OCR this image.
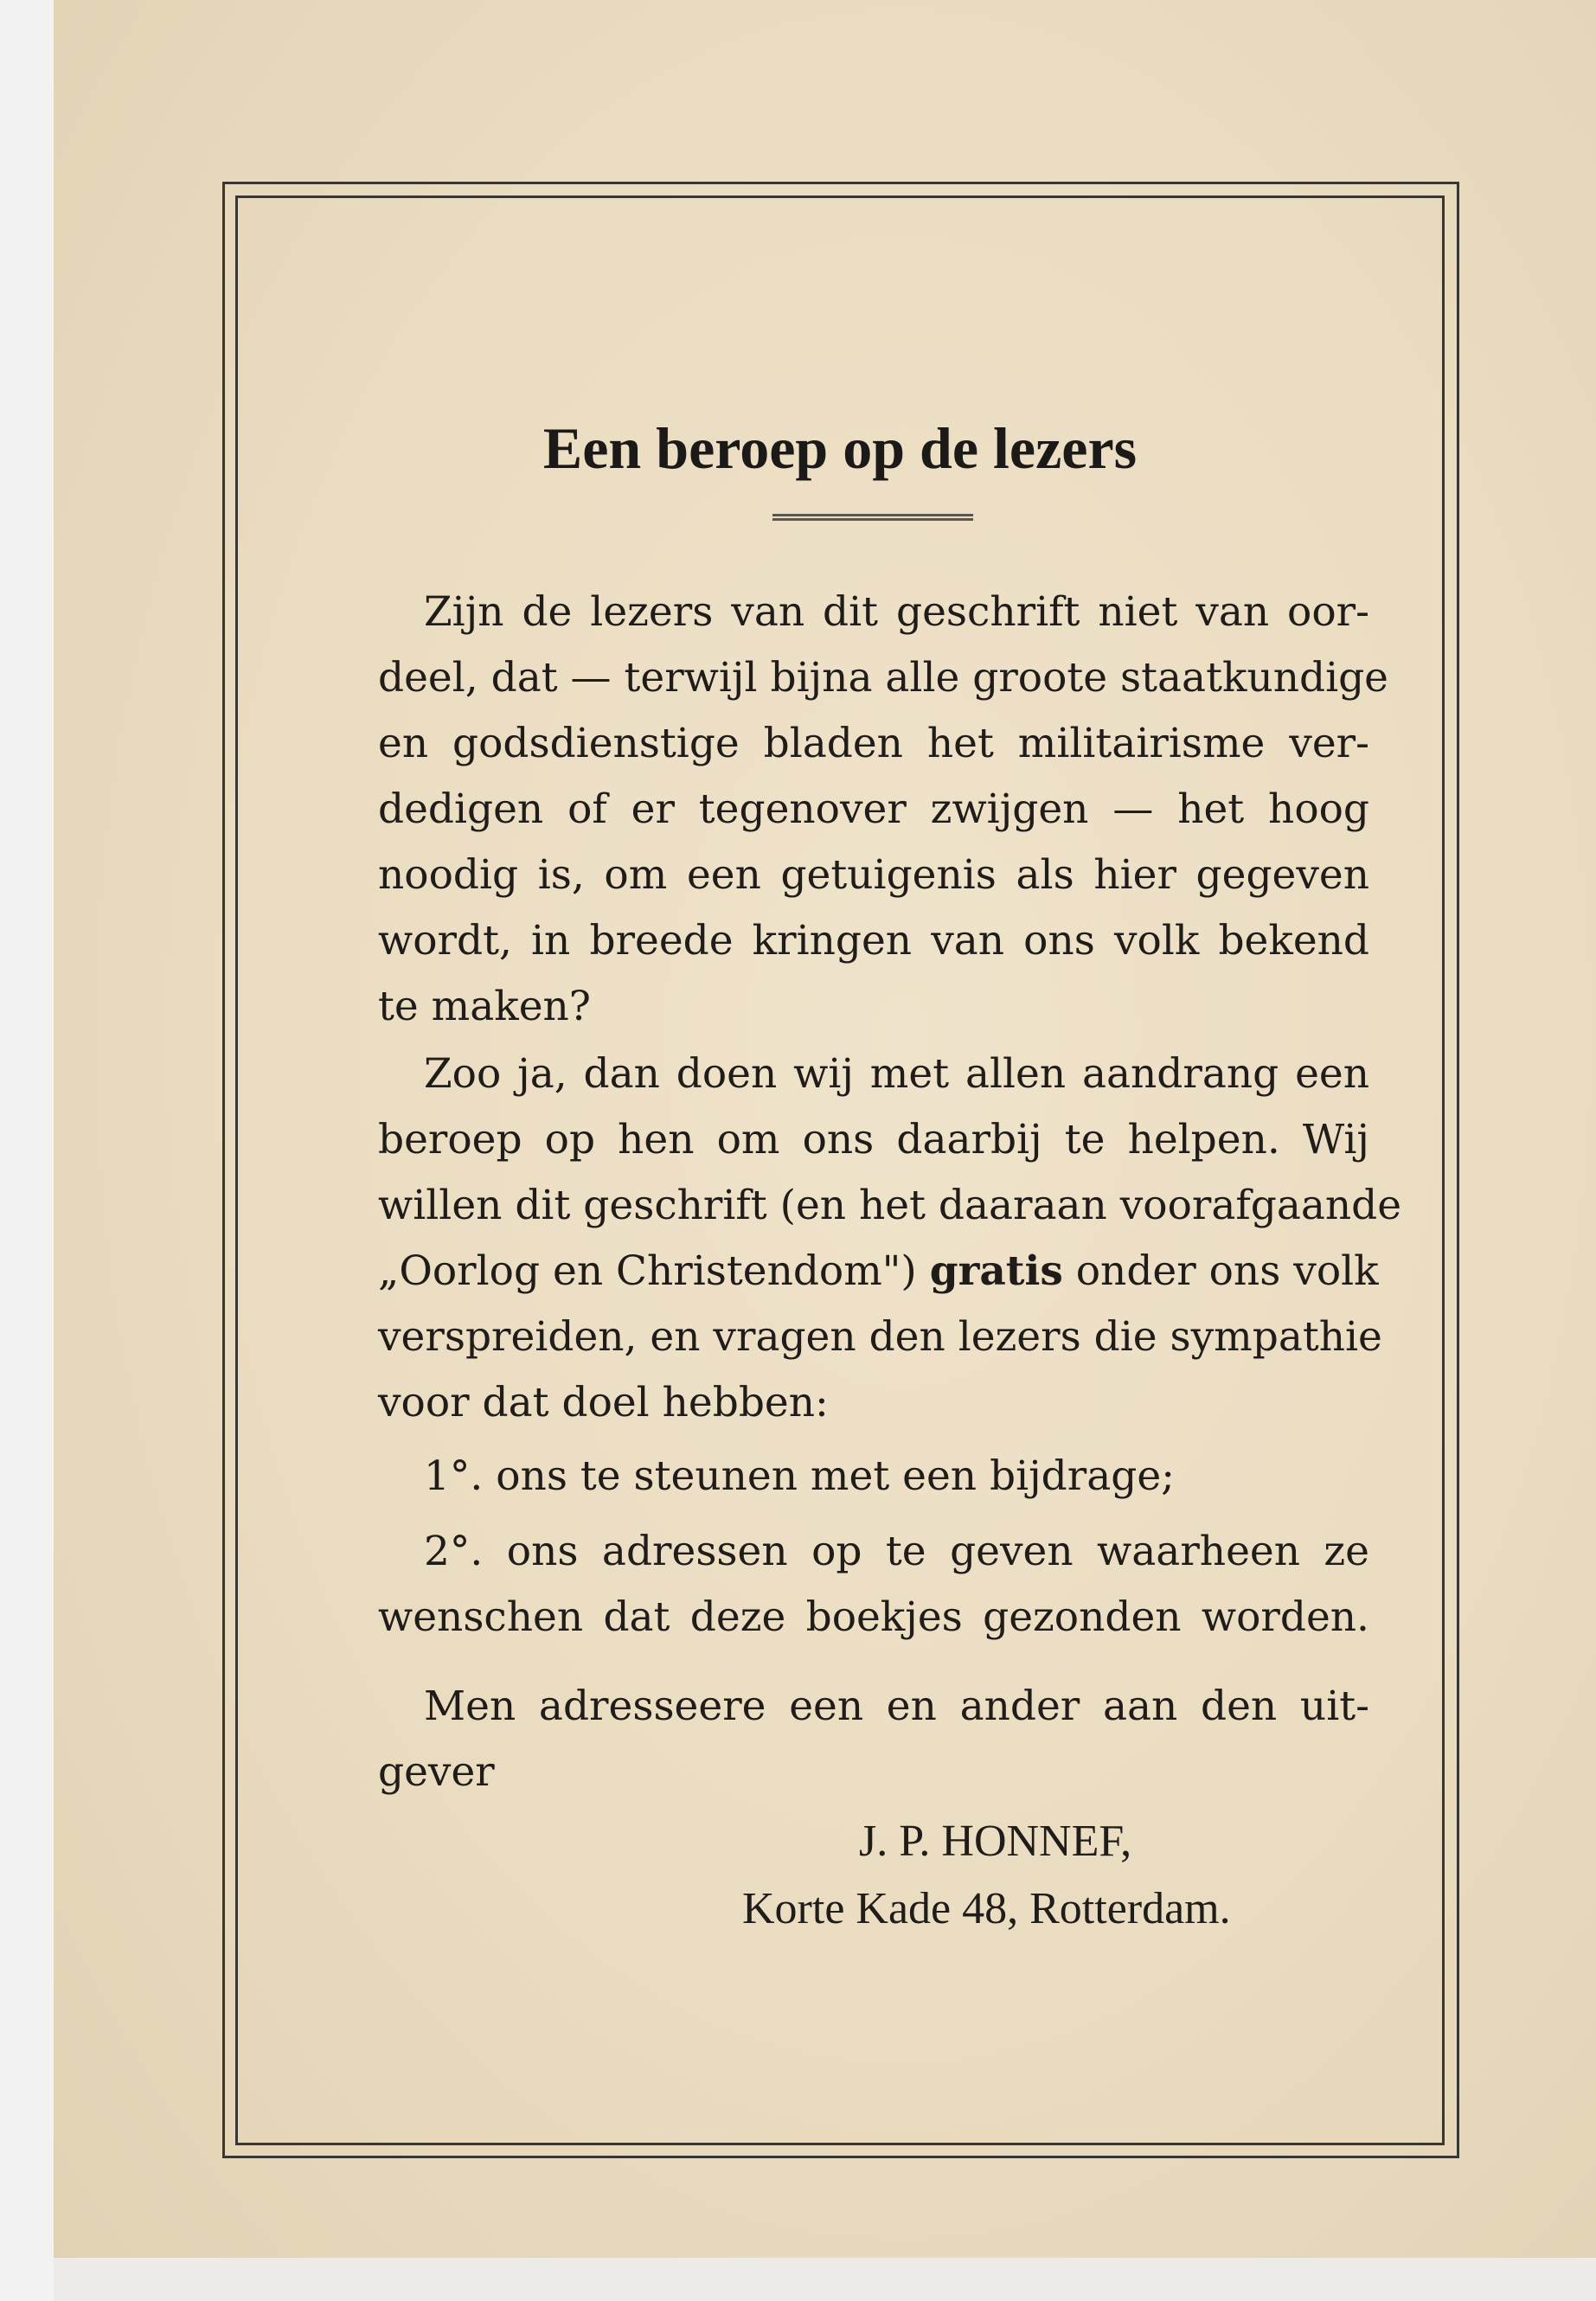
Een beroep op de lezers
Zijn de lezers van dit geschrift niet van oor-
deel, dat — terwijl bijna alle groote staatkundige
en godsdienstige bladen het militairisme ver-
dedigen of er tegenover zwijgen — het hoog
noodig is, om een getuigenis als hier gegeven
wordt, in breede kringen van ons volk bekend
te maken?
Zoo ja, dan doen wij met allen aandrang een
beroep op hen om ons daarbij te helpen. Wij
willen dit geschrift (en het daaraan voorafgaande
„Oorlog en Christendom") gratis onder ons volk
verspreiden, en vragen den lezers die sympathie
voor dat doel hebben:
1°. ons te steunen met een bijdrage;
2°. ons adressen op te geven waarheen ze
wenschen dat deze boekjes gezonden worden.
Men adresseere een en ander aan den uit-
gever
J. P. HONNEF,
Korte Kade 48, Rotterdam.
